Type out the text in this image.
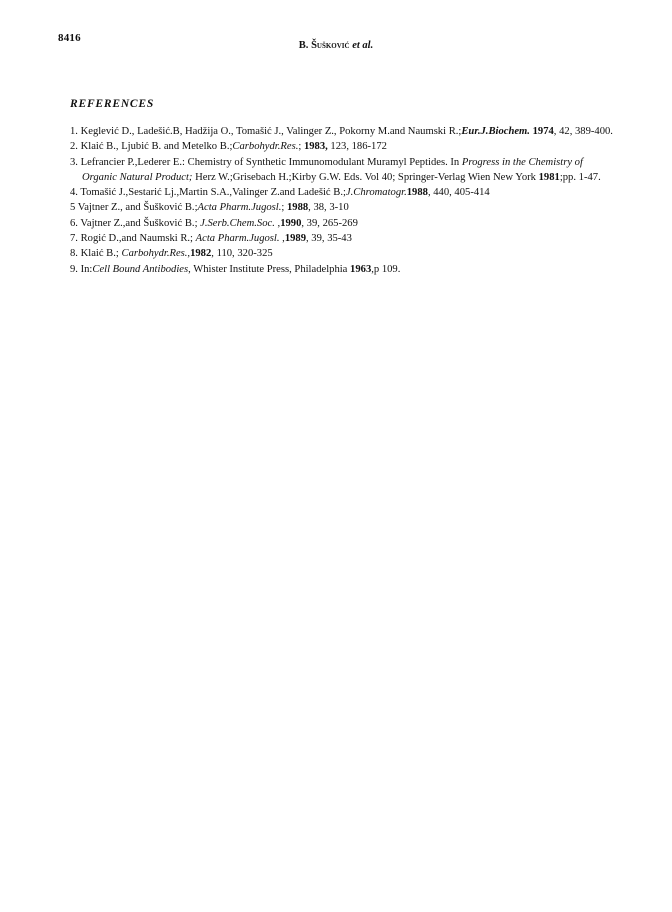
8416
B. Šušković et al.
REFERENCES
1. Keglević D., Ladešić.B, Hadžija O., Tomašić J., Valinger Z., Pokorny M.and Naumski R.;Eur.J.Biochem. 1974, 42, 389-400.
2. Klaić B., Ljubić B. and Metelko B.;Carbohydr.Res.; 1983, 123, 186-172
3. Lefrancier P.,Lederer E.: Chemistry of Synthetic Immunomodulant Muramyl Peptides. In Progress in the Chemistry of Organic Natural Product; Herz W.;Grisebach H.;Kirby G.W. Eds. Vol 40; Springer-Verlag Wien New York 1981;pp. 1-47.
4. Tomašić J.,Sestarić Lj.,Martin S.A.,Valinger Z.and Ladešić B.;J.Chromatogr.1988, 440, 405-414
5 Vajtner Z., and Šušković B.;Acta Pharm.Jugosl.; 1988, 38, 3-10
6. Vajtner Z.,and Šušković B.; J.Serb.Chem.Soc. ,1990, 39, 265-269
7. Rogić D.,and Naumski R.; Acta Pharm.Jugosl. ,1989, 39, 35-43
8. Klaić B.; Carbohydr.Res.,1982, 110, 320-325
9. In:Cell Bound Antibodies, Whister Institute Press, Philadelphia 1963,p 109.
